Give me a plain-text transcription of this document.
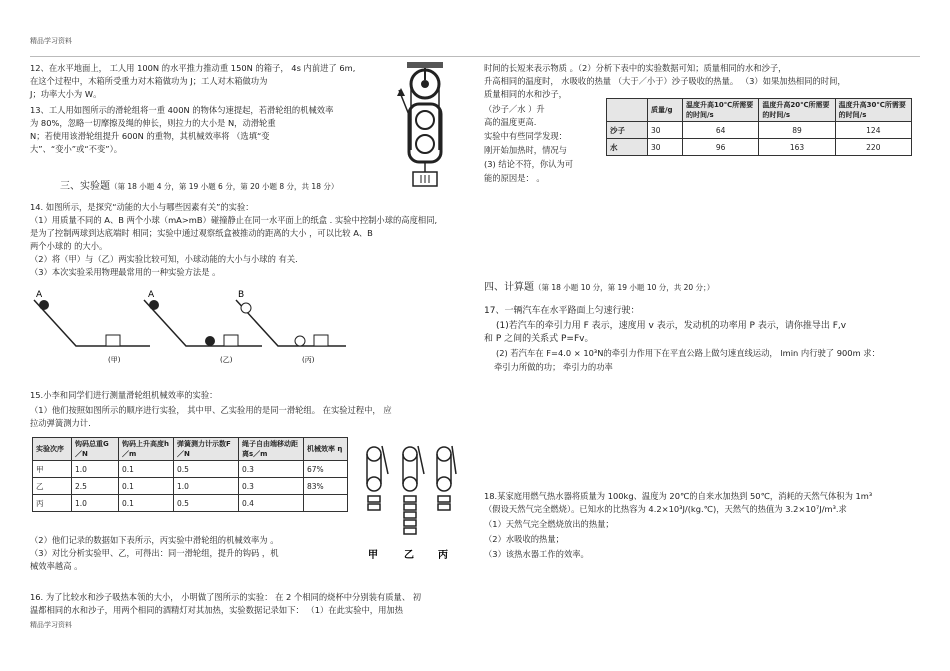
精品学习资料
12、在水平地面上， 工人用 100N 的水平推力推动重 150N 的箱子， 4s 内前进了 6m,
在这个过程中，木箱所受重力对木箱做功为 J；工人对木箱做功为
J；功率大小为 W。
13、工人用如图所示的滑轮组将一重 400N 的物体匀速提起，若滑轮组的机械效率
为 80%，忽略一切摩擦及绳的伸长，则拉力的大小是 N，动滑轮重
N；若使用该滑轮组提升 600N 的重物，其机械效率将 （选填“变
大”、“变小”或“不变”）。
三、实验题（第 18 小题 4 分，第 19 小题 6 分，第 20 小题 8 分，共 18 分）
14. 如图所示，是探究“动能的大小与哪些因素有关”的实验：
（1）用质量不同的 A、B 两个小球（mA>mB）碰撞静止在同一水平面上的纸盒 . 实验中控制小球的高度相同,
是为了控制两球到达底端时 相同；实验中通过观察纸盒被推动的距离的大小 ，可以比较 A、B
两个小球的 的大小。
（2）将（甲）与（乙）两实验比较可知，小球动能的大小与小球的 有关．
（3）本次实验采用物理最常用的一种实验方法是 。
A	A	B
(甲)	(乙)	(丙)
15.小李和同学们进行测量滑轮组机械效率的实验：
（1）他们按照如图所示的顺序进行实验， 其中甲、乙实验用的是同一滑轮组。 在实验过程中， 应
拉动弹簧测力计.
实验次序	钩码总重G／N	钩码上升高度h／m	弹簧测力计示数F／N	绳子自由端移动距离s／m	机械效率 η
甲	1.0	0.1	0.5	0.3	67%
乙	2.5	0.1	1.0	0.3	83%
丙	1.0	0.1	0.5	0.4	
甲	乙 丙
（2）他们记录的数据如下表所示，丙实验中滑轮组的机械效率为 。
（3）对比分析实验甲、乙，可得出：同一滑轮组，提升的钩码 ，机
械效率越高 。
16. 为了比较水和沙子吸热本领的大小， 小明做了图所示的实验： 在 2 个相同的烧杯中分别装有质量、 初
温都相同的水和沙子，用两个相同的酒精灯对其加热，实验数据记录如下： （1）在此实验中，用加热
时间的长短来表示物质 。（2）分析下表中的实验数据可知；质量相同的水和沙子，
升高相同的温度时， 水吸收的热量 （大于／小于）沙子吸收的热量。 （3）如果加热相同的时间，
质量相同的水和沙子，
（沙子／水 ）升
高的温度更高.
实验中有些同学发现：
刚开始加热时，情况与
(3) 结论不符，你认为可
能的原因是： 。
	质量/g	温度升高10℃所需要的时间/s	温度升高20℃所需要的时间/s	温度升高30℃所需要的时间/s
沙子	30	64	89	124
水	30	96	163	220
四、计算题（第 18 小题 10 分，第 19 小题 10 分，共 20 分；）
17、一辆汽车在水平路面上匀速行驶：
(1)若汽车的牵引力用 F 表示，速度用 v 表示，发动机的功率用 P 表示，请你推导出 F,v
和 P 之间的关系式 P=Fv。
(2) 若汽车在 F=4.0 × 10³N的牵引力作用下在平直公路上做匀速直线运动， lmin 内行驶了 900m 求：
牵引力所做的功； 牵引力的功率
18.某家庭用燃气热水器将质量为 100kg、温度为 20℃的自来水加热到 50℃，消耗的天然气体积为 1m³
（假设天然气完全燃烧）。已知水的比热容为 4.2×10³J/(kg.℃)，天然气的热值为 3.2×10⁷J/m³.求
（1）天然气完全燃烧放出的热量；
（2）水吸收的热量；
（3）该热水器工作的效率。
精品学习资料
